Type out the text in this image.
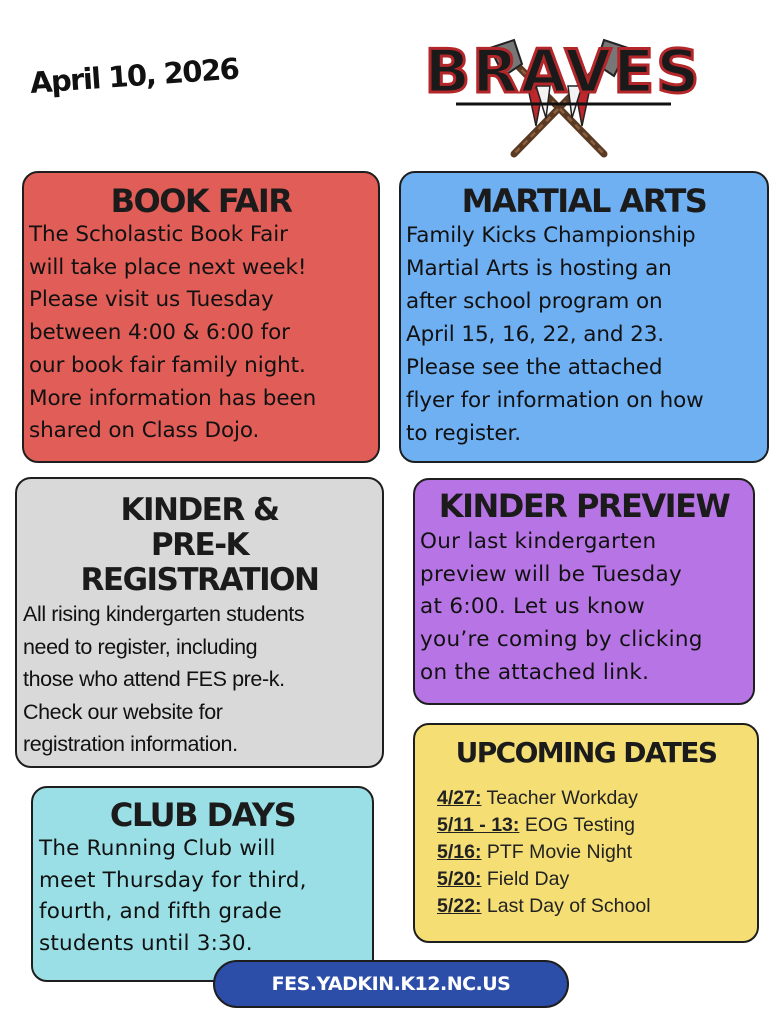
April 10, 2026	BRAVES
BOOK FAIR

The Scholastic Book Fair
will take place next week!
Please visit us Tuesday
between 4:00 & 6:00 for
our book fair family night.
More information has been
shared on Class Dojo.

MARTIAL ARTS

Family Kicks Championship
Martial Arts is hosting an
after school program on
April 15, 16, 22, and 23.
Please see the attached
flyer for information on how
to register.

KINDER &
PRE-K
REGISTRATION

All rising kindergarten students
need to register, including
those who attend FES pre-k.
Check our website for
registration information.

KINDER PREVIEW

Our last kindergarten
preview will be Tuesday
at 6:00. Let us know
you’re coming by clicking
on the attached link.

UPCOMING DATES
4/27: Teacher Workday
5/11 - 13: EOG Testing
5/16: PTF Movie Night
5/20: Field Day
5/22: Last Day of School
CLUB DAYS

The Running Club will
meet Thursday for third,
fourth, and fifth grade
students until 3:30.

FES.YADKIN.K12.NC.US
